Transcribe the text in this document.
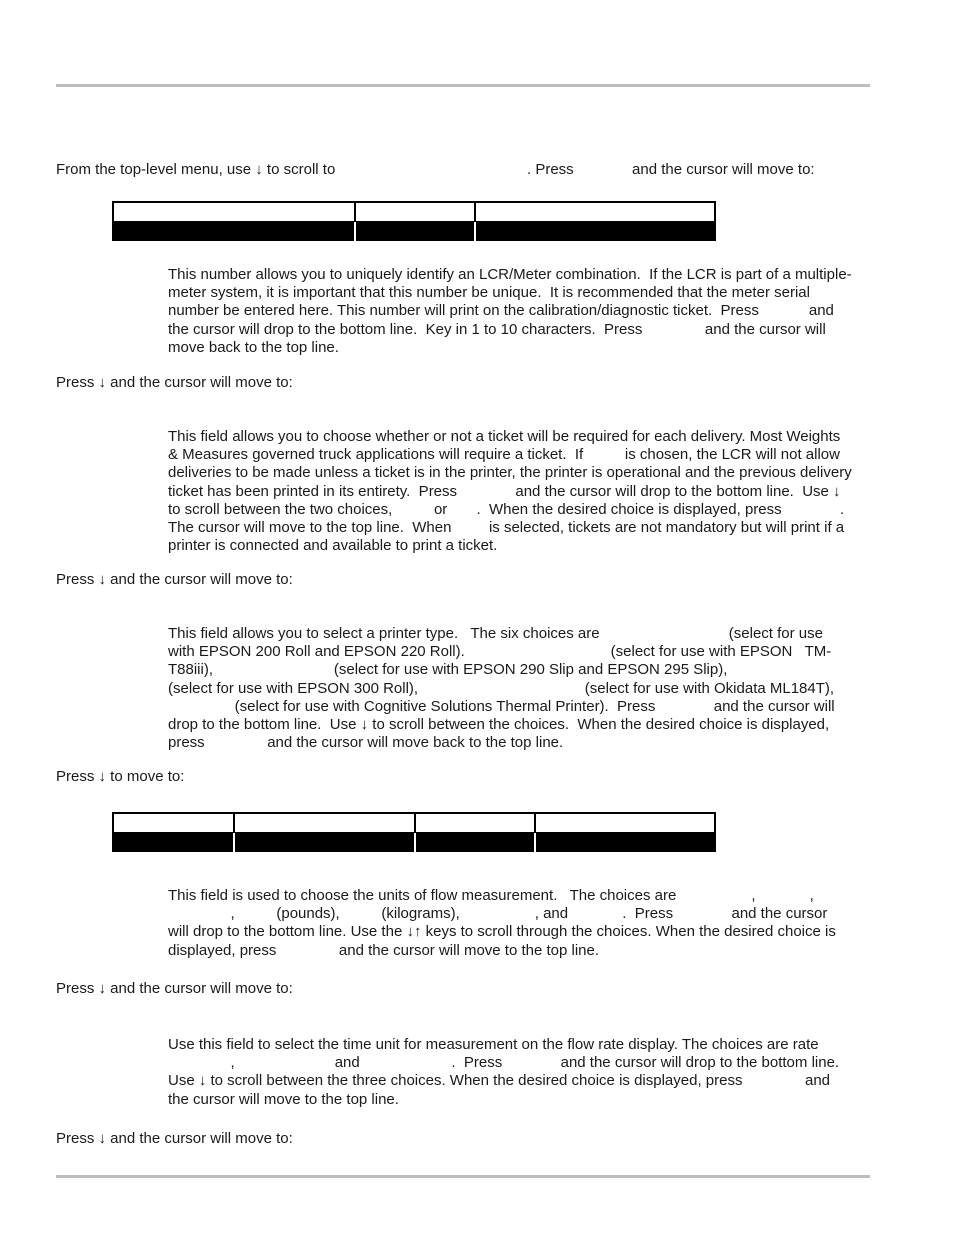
From the top-level menu, use ↓ to scroll to                                              . Press              and the cursor will move to:
This number allows you to uniquely identify an LCR/Meter combination.  If the LCR is part of a multiple-
meter system, it is important that this number be unique.  It is recommended that the meter serial
number be entered here. This number will print on the calibration/diagnostic ticket.  Press            and
the cursor will drop to the bottom line.  Key in 1 to 10 characters.  Press               and the cursor will
move back to the top line.
Press ↓ and the cursor will move to:
This field allows you to choose whether or not a ticket will be required for each delivery. Most Weights
& Measures governed truck applications will require a ticket.  If          is chosen, the LCR will not allow
deliveries to be made unless a ticket is in the printer, the printer is operational and the previous delivery
ticket has been printed in its entirety.  Press              and the cursor will drop to the bottom line.  Use ↓
to scroll between the two choices,          or       .  When the desired choice is displayed, press              .
The cursor will move to the top line.  When         is selected, tickets are not mandatory but will print if a
printer is connected and available to print a ticket.
Press ↓ and the cursor will move to:
This field allows you to select a printer type.   The six choices are                               (select for use
with EPSON 200 Roll and EPSON 220 Roll).                                   (select for use with EPSON   TM-
T88iii),                             (select for use with EPSON 290 Slip and EPSON 295 Slip),
(select for use with EPSON 300 Roll),                                        (select for use with Okidata ML184T),
(select for use with Cognitive Solutions Thermal Printer).  Press              and the cursor will
drop to the bottom line.  Use ↓ to scroll between the choices.  When the desired choice is displayed,
press               and the cursor will move back to the top line.
Press ↓ to move to:
This field is used to choose the units of flow measurement.   The choices are                  ,             ,
,          (pounds),          (kilograms),                  , and             .  Press              and the cursor
will drop to the bottom line. Use the ↓↑ keys to scroll through the choices. When the desired choice is
displayed, press               and the cursor will move to the top line.
Press ↓ and the cursor will move to:
Use this field to select the time unit for measurement on the flow rate display. The choices are rate
,                        and                      .  Press              and the cursor will drop to the bottom line.
Use ↓ to scroll between the three choices. When the desired choice is displayed, press               and
the cursor will move to the top line.
Press ↓ and the cursor will move to:
